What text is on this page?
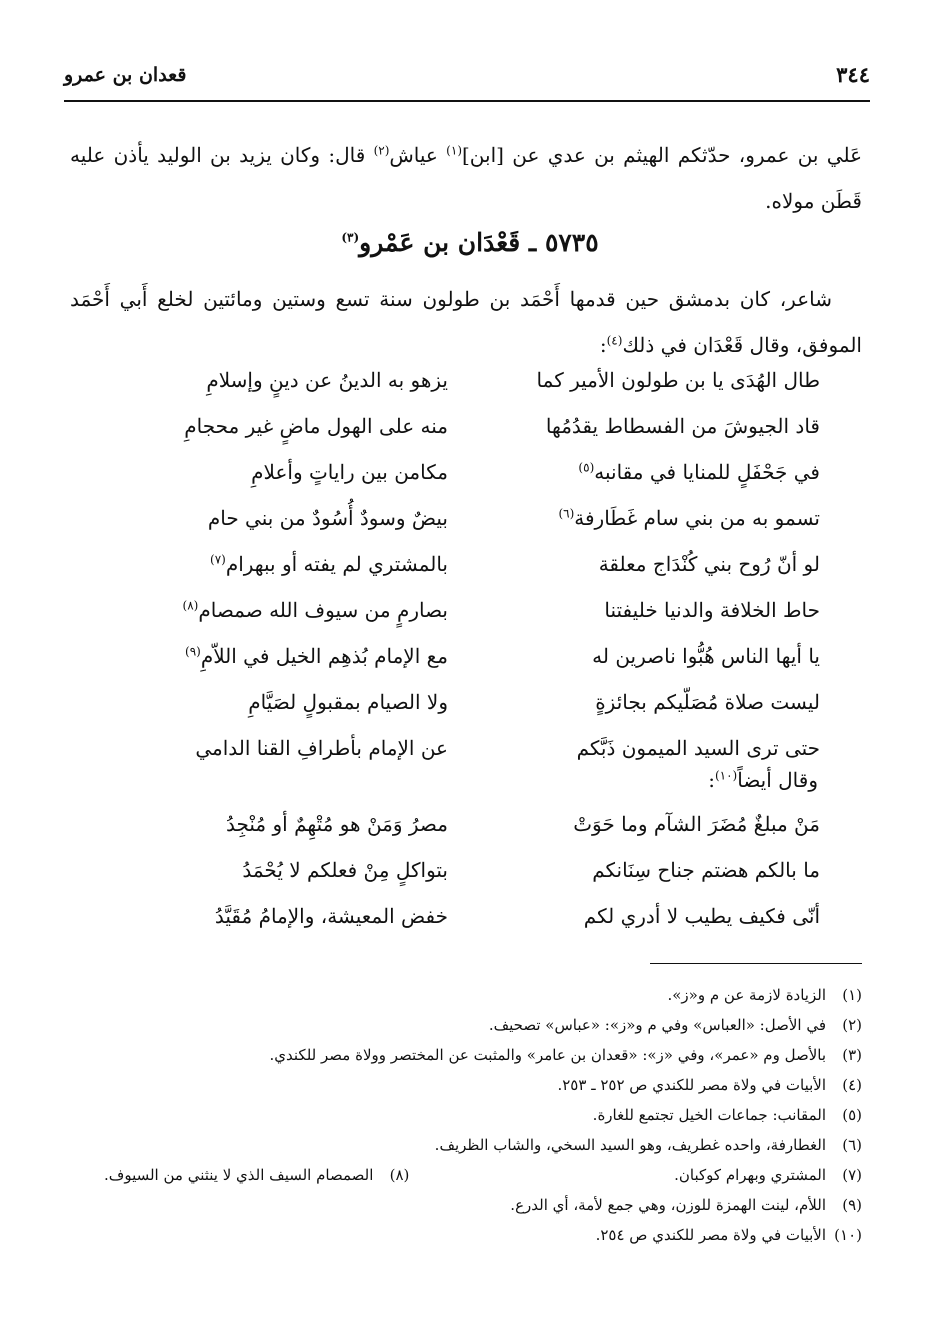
٣٤٤
قعدان بن عمرو
عَلي بن عمرو، حدّثكم الهيثم بن عدي عن [ابن]$^{(١)}$ عياش$^{(٢)}$ قال: وكان يزيد بن الوليد يأذن عليه قَطَن مولاه.
٥٧٣٥ ـ قَعْدَان بن عَمْرو$^{(٣)}$
شاعر، كان بدمشق حين قدمها أَحْمَد بن طولون سنة تسع وستين ومائتين لخلع أَبي أَحْمَد الموفق، وقال قَعْدَان في ذلك$^{(٤)}$:
طال الهُدَى يا بن طولون الأمير كما
يزهو به الدينُ عن دينٍ وإسلامِ
قاد الجيوشَ من الفسطاط يقدُمُها
منه على الهول ماضٍ غير محجامِ
في جَحْفَلٍ للمنايا في مقانبه$^{(٥)}$
مكامن بين راياتٍ وأعلامِ
تسمو به من بني سام غَطَارفة$^{(٦)}$
بيضٌ وسودٌ أُسُودٌ من بني حام
لو أنّ رُوح بني كُنْدَاج معلقة
بالمشتري لم يفته أو ببهرام$^{(٧)}$
حاط الخلافة والدنيا خليفتنا
بصارمٍ من سيوف الله صمصام$^{(٨)}$
يا أيها الناس هُبُّوا ناصرين له
مع الإمام بُذهِم الخيل في اللاّمِ$^{(٩)}$
ليست صلاة مُصَلّيكم بجائزةٍ
ولا الصيام بمقبولٍ لصَيَّامِ
حتى ترى السيد الميمون ذَبَّكم
عن الإمام بأطرافِ القنا الدامي
وقال أيضاً$^{(١٠)}$:
مَنْ مبلغٌ مُضَرَ الشآم وما حَوَتْ
مصرُ وَمَنْ هو مُتْهِمٌ أو مُنْجِدُ
ما بالكم هضتم جناح سِنَانكم
بتواكلٍ مِنْ فعلكم لا يُحْمَدُ
أنّى فكيف يطيب لا أدري لكم
خفض المعيشة، والإمامُ مُقَيَّدُ
(١)الزيادة لازمة عن م و«ز».
(٢)في الأصل: «العباس» وفي م و«ز»: «عباس» تصحيف.
(٣)بالأصل وم «عمر»، وفي «ز»: «قعدان بن عامر» والمثبت عن المختصر وولاة مصر للكندي.
(٤)الأبيات في ولاة مصر للكندي ص ٢٥٢ ـ ٢٥٣.
(٥)المقانب: جماعات الخيل تجتمع للغارة.
(٦)الغطارفة، واحده غطريف، وهو السيد السخي، والشاب الظريف.
(٧)المشتري وبهرام كوكبان.
(٨)الصمصام السيف الذي لا ينثني من السيوف.
(٩)اللأم، لينت الهمزة للوزن، وهي جمع لأمة، أي الدرع.
(١٠)الأبيات في ولاة مصر للكندي ص ٢٥٤.
